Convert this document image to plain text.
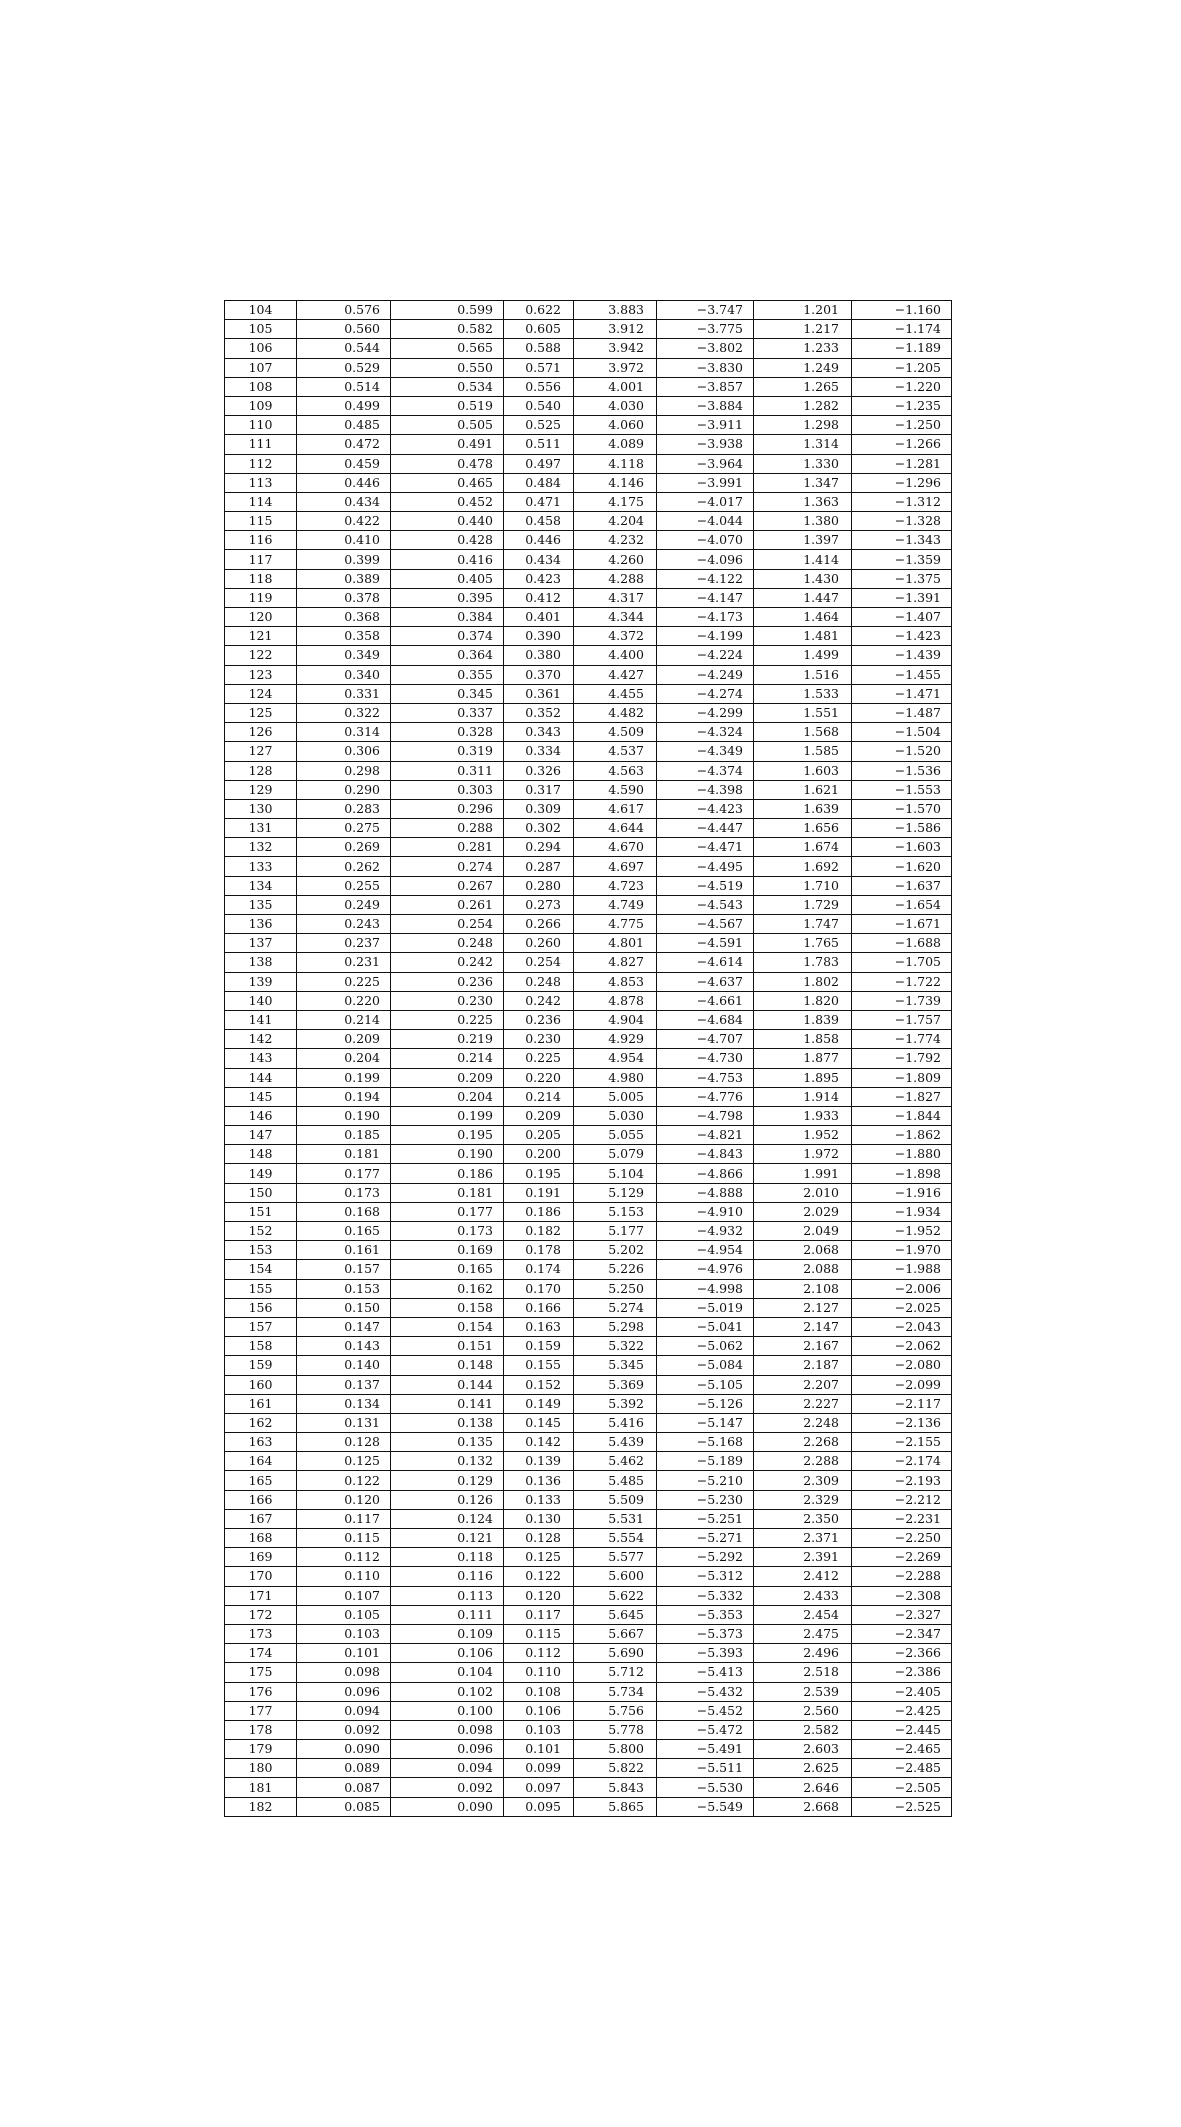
104	0.576	0.599	0.622	3.883	−3.747	1.201	−1.160
105	0.560	0.582	0.605	3.912	−3.775	1.217	−1.174
106	0.544	0.565	0.588	3.942	−3.802	1.233	−1.189
107	0.529	0.550	0.571	3.972	−3.830	1.249	−1.205
108	0.514	0.534	0.556	4.001	−3.857	1.265	−1.220
109	0.499	0.519	0.540	4.030	−3.884	1.282	−1.235
110	0.485	0.505	0.525	4.060	−3.911	1.298	−1.250
111	0.472	0.491	0.511	4.089	−3.938	1.314	−1.266
112	0.459	0.478	0.497	4.118	−3.964	1.330	−1.281
113	0.446	0.465	0.484	4.146	−3.991	1.347	−1.296
114	0.434	0.452	0.471	4.175	−4.017	1.363	−1.312
115	0.422	0.440	0.458	4.204	−4.044	1.380	−1.328
116	0.410	0.428	0.446	4.232	−4.070	1.397	−1.343
117	0.399	0.416	0.434	4.260	−4.096	1.414	−1.359
118	0.389	0.405	0.423	4.288	−4.122	1.430	−1.375
119	0.378	0.395	0.412	4.317	−4.147	1.447	−1.391
120	0.368	0.384	0.401	4.344	−4.173	1.464	−1.407
121	0.358	0.374	0.390	4.372	−4.199	1.481	−1.423
122	0.349	0.364	0.380	4.400	−4.224	1.499	−1.439
123	0.340	0.355	0.370	4.427	−4.249	1.516	−1.455
124	0.331	0.345	0.361	4.455	−4.274	1.533	−1.471
125	0.322	0.337	0.352	4.482	−4.299	1.551	−1.487
126	0.314	0.328	0.343	4.509	−4.324	1.568	−1.504
127	0.306	0.319	0.334	4.537	−4.349	1.585	−1.520
128	0.298	0.311	0.326	4.563	−4.374	1.603	−1.536
129	0.290	0.303	0.317	4.590	−4.398	1.621	−1.553
130	0.283	0.296	0.309	4.617	−4.423	1.639	−1.570
131	0.275	0.288	0.302	4.644	−4.447	1.656	−1.586
132	0.269	0.281	0.294	4.670	−4.471	1.674	−1.603
133	0.262	0.274	0.287	4.697	−4.495	1.692	−1.620
134	0.255	0.267	0.280	4.723	−4.519	1.710	−1.637
135	0.249	0.261	0.273	4.749	−4.543	1.729	−1.654
136	0.243	0.254	0.266	4.775	−4.567	1.747	−1.671
137	0.237	0.248	0.260	4.801	−4.591	1.765	−1.688
138	0.231	0.242	0.254	4.827	−4.614	1.783	−1.705
139	0.225	0.236	0.248	4.853	−4.637	1.802	−1.722
140	0.220	0.230	0.242	4.878	−4.661	1.820	−1.739
141	0.214	0.225	0.236	4.904	−4.684	1.839	−1.757
142	0.209	0.219	0.230	4.929	−4.707	1.858	−1.774
143	0.204	0.214	0.225	4.954	−4.730	1.877	−1.792
144	0.199	0.209	0.220	4.980	−4.753	1.895	−1.809
145	0.194	0.204	0.214	5.005	−4.776	1.914	−1.827
146	0.190	0.199	0.209	5.030	−4.798	1.933	−1.844
147	0.185	0.195	0.205	5.055	−4.821	1.952	−1.862
148	0.181	0.190	0.200	5.079	−4.843	1.972	−1.880
149	0.177	0.186	0.195	5.104	−4.866	1.991	−1.898
150	0.173	0.181	0.191	5.129	−4.888	2.010	−1.916
151	0.168	0.177	0.186	5.153	−4.910	2.029	−1.934
152	0.165	0.173	0.182	5.177	−4.932	2.049	−1.952
153	0.161	0.169	0.178	5.202	−4.954	2.068	−1.970
154	0.157	0.165	0.174	5.226	−4.976	2.088	−1.988
155	0.153	0.162	0.170	5.250	−4.998	2.108	−2.006
156	0.150	0.158	0.166	5.274	−5.019	2.127	−2.025
157	0.147	0.154	0.163	5.298	−5.041	2.147	−2.043
158	0.143	0.151	0.159	5.322	−5.062	2.167	−2.062
159	0.140	0.148	0.155	5.345	−5.084	2.187	−2.080
160	0.137	0.144	0.152	5.369	−5.105	2.207	−2.099
161	0.134	0.141	0.149	5.392	−5.126	2.227	−2.117
162	0.131	0.138	0.145	5.416	−5.147	2.248	−2.136
163	0.128	0.135	0.142	5.439	−5.168	2.268	−2.155
164	0.125	0.132	0.139	5.462	−5.189	2.288	−2.174
165	0.122	0.129	0.136	5.485	−5.210	2.309	−2.193
166	0.120	0.126	0.133	5.509	−5.230	2.329	−2.212
167	0.117	0.124	0.130	5.531	−5.251	2.350	−2.231
168	0.115	0.121	0.128	5.554	−5.271	2.371	−2.250
169	0.112	0.118	0.125	5.577	−5.292	2.391	−2.269
170	0.110	0.116	0.122	5.600	−5.312	2.412	−2.288
171	0.107	0.113	0.120	5.622	−5.332	2.433	−2.308
172	0.105	0.111	0.117	5.645	−5.353	2.454	−2.327
173	0.103	0.109	0.115	5.667	−5.373	2.475	−2.347
174	0.101	0.106	0.112	5.690	−5.393	2.496	−2.366
175	0.098	0.104	0.110	5.712	−5.413	2.518	−2.386
176	0.096	0.102	0.108	5.734	−5.432	2.539	−2.405
177	0.094	0.100	0.106	5.756	−5.452	2.560	−2.425
178	0.092	0.098	0.103	5.778	−5.472	2.582	−2.445
179	0.090	0.096	0.101	5.800	−5.491	2.603	−2.465
180	0.089	0.094	0.099	5.822	−5.511	2.625	−2.485
181	0.087	0.092	0.097	5.843	−5.530	2.646	−2.505
182	0.085	0.090	0.095	5.865	−5.549	2.668	−2.525
